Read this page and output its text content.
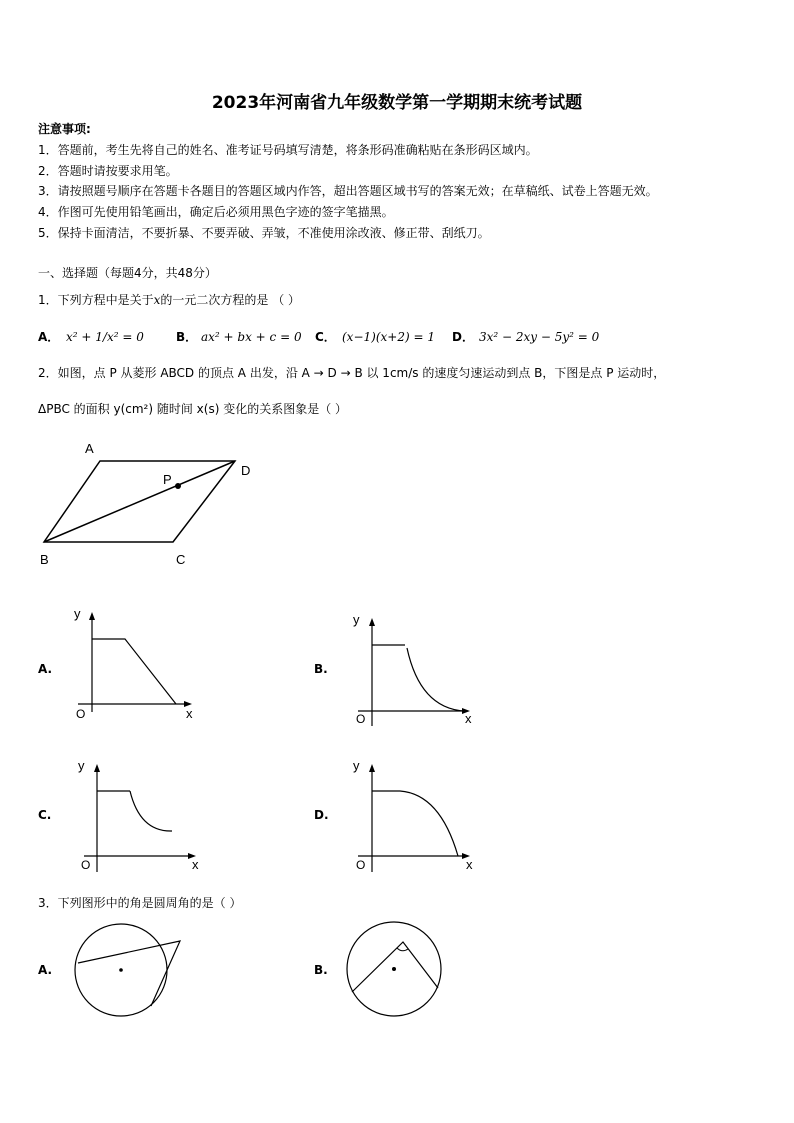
2023年河南省九年级数学第一学期期末统考试题
注意事项:
1．答题前，考生先将自己的姓名、准考证号码填写清楚，将条形码准确粘贴在条形码区域内。
2．答题时请按要求用笔。
3．请按照题号顺序在答题卡各题目的答题区域内作答，超出答题区域书写的答案无效；在草稿纸、试卷上答题无效。
4．作图可先使用铅笔画出，确定后必须用黑色字迹的签字笔描黑。
5．保持卡面清洁，不要折暴、不要弄破、弄皱，不准使用涂改液、修正带、刮纸刀。
一、选择题（每题4分，共48分）
1．下列方程中是关于x的一元二次方程的是 （ ）
A． x² + 1/x² = 0	B． ax² + bx + c = 0 C． (x−1)(x+2) = 1 D． 3x² − 2xy − 5y² = 0
2．如图，点 P 从菱形 ABCD 的顶点 A 出发，沿 A → D → B 以 1cm/s 的速度匀速运动到点 B，下图是点 P 运动时，
ΔPBC 的面积 y(cm²) 随时间 x(s) 变化的关系图象是（ ）
A
D
P
B	C
A.
y
x
O
B.
y
x
O
C.
y
x
O
D.
y
x
O
3．下列图形中的角是圆周角的是（ ）
A.	B.
